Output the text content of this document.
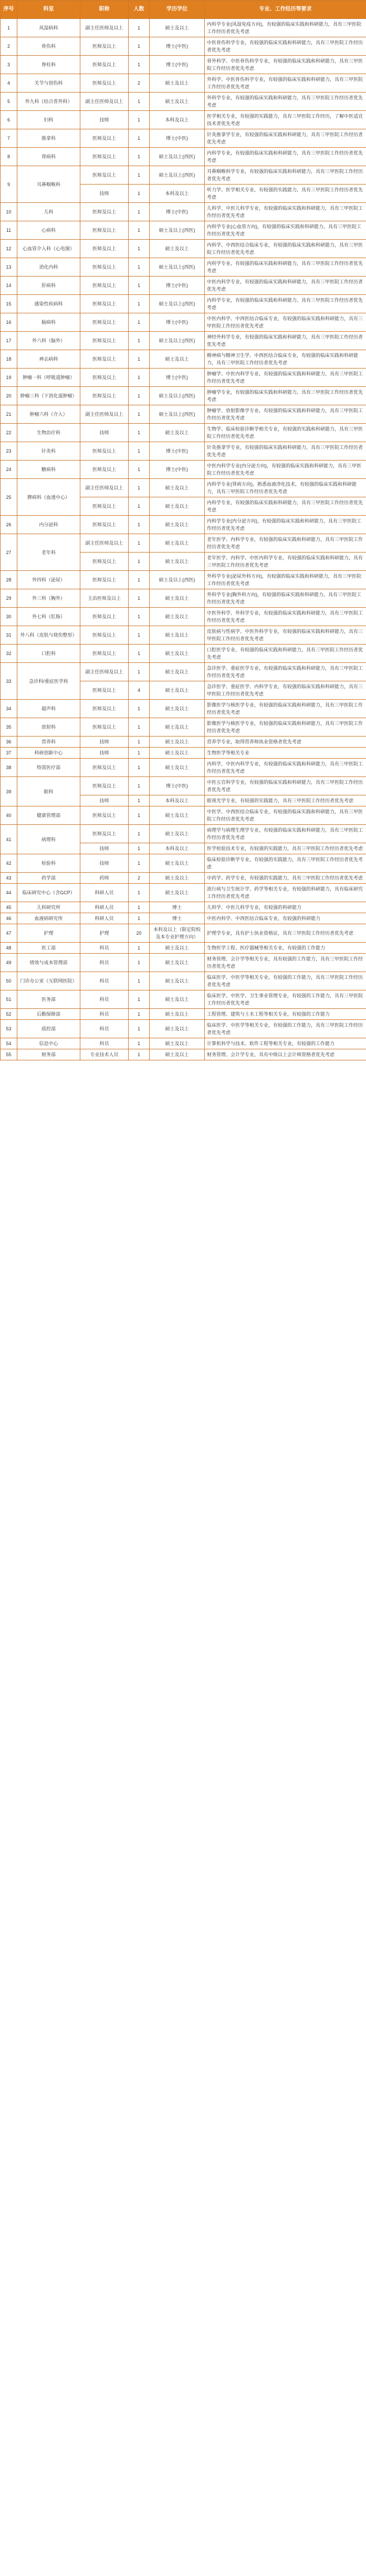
序号	科室	职称	人数	学历学位	专业、工作经历等要求
1	风湿病科	副主任医师及以上	1	硕士及以上	内科学专业(风湿免疫方向)，有较强的临床实践和科研能力，具有三甲医院工作经历者优先考虑
2	骨伤科	医师及以上	1	博士(中医)	中医骨伤科学专业，有较强的临床实践和科研能力，具有三甲医院工作经历者优先考虑
3	脊柱科	医师及以上	1	博士(中医)	骨外科学、中医骨伤科学专业，有较强的临床实践和科研能力，具有三甲医院工作经历者优先考虑
4	关节与创伤科	医师及以上	2	硕士及以上	外科学、中医骨伤科学专业，有较强的临床实践和科研能力，具有三甲医院工作经历者优先考虑
5	外九科（结合普外科）	副主任医师及以上	1	硕士及以上	外科学专业，有较强的临床实践和科研能力，具有三甲医院工作经历者优先考虑
6	妇科	技师	1	本科及以上	医学相关专业，有较强的实践能力，具有三甲医院工作经历，了解中医适宜技术者优先考虑
7	推拿科	医师及以上	1	博士(中医)	针灸推拿学专业，有较强的临床实践和科研能力，具有三甲医院工作经历者优先考虑
8	肾病科	医师及以上	1	硕士及以上(西医)	内科学专业，有较强的临床实践和科研能力，具有三甲医院工作经历者优先考虑
9	耳鼻咽喉科	医师及以上	1	硕士及以上(西医)	耳鼻咽喉科学专业，有较强的临床实践和科研能力，具有三甲医院工作经历者优先考虑
		技师	1	本科及以上	听力学、医学相关专业，有较强的实践能力，具有三甲医院工作经历者优先考虑
10	儿科	医师及以上	1	博士(中医)	儿科学、中医儿科学专业，有较强的临床实践和科研能力，具有三甲医院工作经历者优先考虑
11	心病科	医师及以上	1	硕士及以上(西医)	内科学专业(心血管方向)，有较强的临床实践和科研能力，具有三甲医院工作经历者优先考虑
12	心血管介入科（心电图）	医师及以上	1	硕士及以上	内科学、中西医结合临床专业，有较强的临床实践和科研能力，具有三甲医院工作经历者优先考虑
13	消化内科	医师及以上	1	硕士及以上(西医)	内科学专业，有较强的临床实践和科研能力，具有三甲医院工作经历者优先考虑
14	肝病科	医师及以上	1	博士(中医)	中医内科学专业，有较强的临床实践和科研能力，具有三甲医院工作经历者优先考虑
15	感染性疾病科	医师及以上	1	硕士及以上(西医)	内科学专业，有较强的临床实践和科研能力，具有三甲医院工作经历者优先考虑
16	脑病科	医师及以上	1	博士(中医)	中医内科学、中西医结合临床专业，有较强的临床实践和科研能力，具有三甲医院工作经历者优先考虑
17	外六科（脑外）	医师及以上	1	硕士及以上(西医)	神经外科学专业，有较强的临床实践和科研能力，具有三甲医院工作经历者优先考虑
18	神志病科	医师及以上	1	硕士及以上	精神病与精神卫生学、中西医结合临床专业，有较强的临床实践和科研能力，具有三甲医院工作经历者优先考虑
19	肿瘤一科（呼吸道肿瘤）	医师及以上	1	博士(中医)	肿瘤学、中医内科学专业，有较强的临床实践和科研能力，具有三甲医院工作经历者优先考虑
20	肿瘤三科（下消化道肿瘤）	医师及以上	1	硕士及以上(西医)	肿瘤学专业，有较强的临床实践和科研能力，具有三甲医院工作经历者优先考虑
21	肿瘤六科（介入）	副主任医师及以上	1	硕士及以上(西医)	肿瘤学、放射影像学专业，有较强的临床实践和科研能力，具有三甲医院工作经历者优先考虑
22	生物治疗科	技师	1	硕士及以上	生物学、临床检验诊断学相关专业，有较强的实践和科研能力，具有三甲医院工作经历者优先考虑
23	针灸科	医师及以上	1	博士(中医)	针灸推拿学专业，有较强的临床实践和科研能力，具有三甲医院工作经历者优先考虑
24	糖病科	医师及以上	1	博士(中医)	中医内科学专业(内分泌方向)，有较强的临床实践和科研能力，具有三甲医院工作经历者优先考虑
25	脾病科（血透中心）	副主任医师及以上	1	硕士及以上	内科学专业(肾病方向)，熟悉血液净化技术，有较强的临床实践和科研能力，具有三甲医院工作经历者优先考虑
		医师及以上	1	硕士及以上	内科学专业，有较强的临床实践和科研能力，具有三甲医院工作经历者优先考虑
26	内分泌科	医师及以上	1	硕士及以上	内科学专业(内分泌方向)，有较强的临床实践和科研能力，具有三甲医院工作经历者优先考虑
27	老年科	副主任医师及以上	1	硕士及以上	老年医学、内科学专业，有较强的临床实践和科研能力，具有三甲医院工作经历者优先考虑
		医师及以上	1	硕士及以上	老年医学、内科学、中医内科学专业，有较强的临床实践和科研能力，具有三甲医院工作经历者优先考虑
28	外四科（泌尿）	医师及以上	1	硕士及以上(西医)	外科学专业(泌尿外科方向)，有较强的临床实践和科研能力，具有三甲医院工作经历者优先考虑
29	外三科（胸外）	主治医师及以上	1	硕士及以上	外科学专业(胸外科方向)，有较强的临床实践和科研能力，具有三甲医院工作经历者优先考虑
30	外七科（肛肠）	医师及以上	1	硕士及以上	中医外科学、外科学专业，有较强的临床实践和科研能力，具有三甲医院工作经历者优先考虑
31	外八科（皮肤与烧伤整形）	医师及以上	1	硕士及以上	皮肤病与性病学、中医外科学专业，有较强的临床实践和科研能力，具有三甲医院工作经历者优先考虑
32	口腔科	医师及以上	1	硕士及以上	口腔医学专业，有较强的临床实践和科研能力，具有三甲医院工作经历者优先考虑
33	急诊科/重症医学科	副主任医师及以上	1	硕士及以上	急诊医学、重症医学专业，有较强的临床实践和科研能力，具有三甲医院工作经历者优先考虑
		医师及以上	4	硕士及以上	急诊医学、重症医学、内科学专业，有较强的临床实践和科研能力，具有三甲医院工作经历者优先考虑
34	超声科	医师及以上	1	硕士及以上	影像医学与核医学专业，有较强的临床实践和科研能力，具有三甲医院工作经历者优先考虑
35	放射科	医师及以上	1	硕士及以上	影像医学与核医学专业，有较强的临床实践和科研能力，具有三甲医院工作经历者优先考虑
36	营养科	技师	1	硕士及以上	营养学专业，取得营养师执业资格者优先考虑
37	科研创新中心	技师	1	硕士及以上	生物医学等相关专业
38	特需医疗部	医师及以上	1	硕士及以上	内科学、中医内科学专业，有较强的临床实践和科研能力，具有三甲医院工作经历者优先考虑
39	眼科	医师及以上	1	博士(中医)	中医五官科学专业，有较强的临床实践和科研能力，具有三甲医院工作经历者优先考虑
		技师	1	本科及以上	眼视光学专业，有较强的实践能力，具有三甲医院工作经历者优先考虑
40	健康管理部	医师及以上	1	硕士及以上	中医学、中西医结合临床专业，有较强的临床实践和科研能力，具有三甲医院工作经历者优先考虑
41	病理科	医师及以上	1	硕士及以上	病理学与病理生理学专业，有较强的临床实践和科研能力，具有三甲医院工作经历者优先考虑
		技师	1	本科及以上	医学检验技术专业，有较强的实践能力，具有三甲医院工作经历者优先考虑
42	检验科	技师	1	硕士及以上	临床检验诊断学专业，有较强的实践能力，具有三甲医院工作经历者优先考虑
43	药学部	药师	2	硕士及以上	中药学、药学专业，有较强的实践能力，具有三甲医院工作经历者优先考虑
44	临床研究中心（含GCP）	科研人员	1	硕士及以上	流行病与卫生统计学、药学等相关专业，有较强的科研能力，具有临床研究工作经历者优先考虑
45	儿科研究所	科研人员	1	博士	儿科学、中医儿科学专业，有较强的科研能力
46	血液病研究所	科研人员	1	博士	中医内科学、中西医结合临床专业，有较强的科研能力
47	护理	护理	20	本科及以上（限定院校及本专业护理方向）	护理学专业，具有护士执业资格证，具有三甲医院工作经历者优先考虑
48	医工部	科员	1	硕士及以上	生物医学工程、医疗器械等相关专业，有较强的工作能力
49	绩效与成本管理部	科员	1	硕士及以上	财务管理、会计学等相关专业，具有较强的工作能力，具有三甲医院工作经历者优先考虑
50	门诊办公室（互联网医院）	科员	1	硕士及以上	临床医学、中医学等相关专业，有较强的工作能力，具有三甲医院工作经历者优先考虑
51	医务部	科员	1	硕士及以上	临床医学、中医学、卫生事业管理专业，有较强的工作能力，具有三甲医院工作经历者优先考虑
52	后勤保障部	科员	1	硕士及以上	工程管理、建筑与土木工程等相关专业，有较强的工作能力
53	质控部	科员	1	硕士及以上	临床医学、中医学等相关专业，有较强的工作能力，具有三甲医院工作经历者优先考虑
54	信息中心	科员	1	硕士及以上	计算机科学与技术、软件工程等相关专业，有较强的工作能力
55	财务部	专业技术人员	1	硕士及以上	财务管理、会计学专业，具有中级以上会计师资格者优先考虑
